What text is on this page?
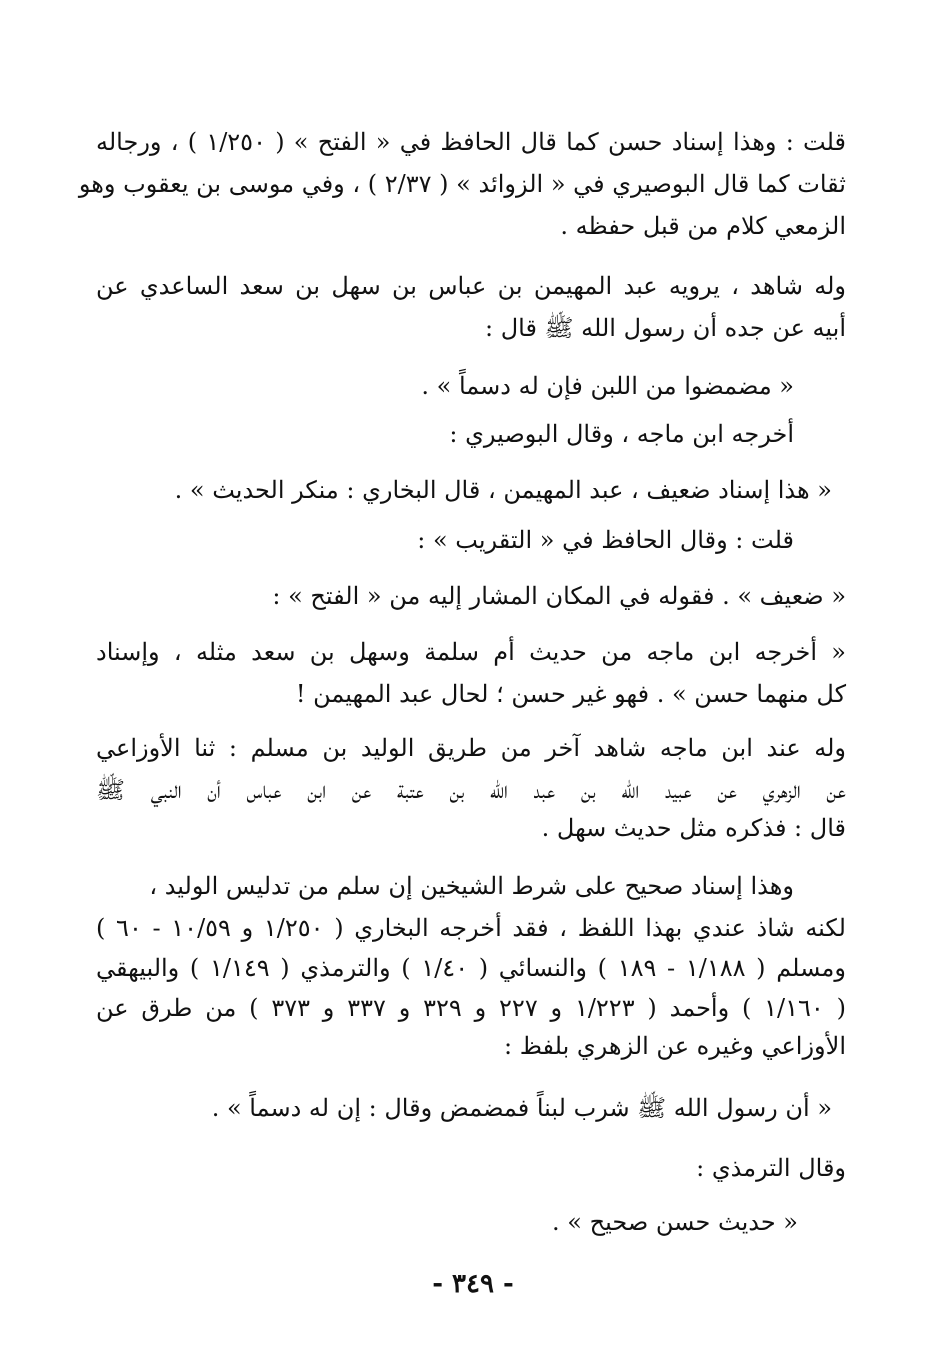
قلت : وهذا إسناد حسن كما قال الحافظ في « الفتح » ( ١/٢٥٠ ) ، ورجاله
ثقات كما قال البوصيري في « الزوائد » ( ٢/٣٧ ) ، وفي موسى بن يعقوب وهو
الزمعي كلام من قبل حفظه .
وله شاهد ، يرويه عبد المهيمن بن عباس بن سهل بن سعد الساعدي عن
أبيه عن جده أن رسول الله ﷺ قال :
« مضمضوا من اللبن فإن له دسماً » .
أخرجه ابن ماجه ، وقال البوصيري :
« هذا إسناد ضعيف ، عبد المهيمن ، قال البخاري : منكر الحديث » .
قلت : وقال الحافظ في « التقريب » :
« ضعيف » . فقوله في المكان المشار إليه من « الفتح » :
« أخرجه ابن ماجه من حديث أم سلمة وسهل بن سعد مثله ، وإسناد
كل منهما حسن » . فهو غير حسن ؛ لحال عبد المهيمن !
وله عند ابن ماجه شاهد آخر من طريق الوليد بن مسلم : ثنا الأوزاعي
عن الزهري عن عبيد الله بن عبد الله بن عتبة عن ابن عباس أن النبي ﷺ
قال : فذكره مثل حديث سهل .
وهذا إسناد صحيح على شرط الشيخين إن سلم من تدليس الوليد ،
لكنه شاذ عندي بهذا اللفظ ، فقد أخرجه البخاري ( ١/٢٥٠ و ١٠/٥٩ - ٦٠ )
ومسلم ( ١/١٨٨ - ١٨٩ ) والنسائي ( ١/٤٠ ) والترمذي ( ١/١٤٩ ) والبيهقي
( ١/١٦٠ ) وأحمد ( ١/٢٢٣ و ٢٢٧ و ٣٢٩ و ٣٣٧ و ٣٧٣ ) من طرق عن
الأوزاعي وغيره عن الزهري بلفظ :
« أن رسول الله ﷺ شرب لبناً فمضمض وقال : إن له دسماً » .
وقال الترمذي :
« حديث حسن صحيح » .
- ٣٤٩ -
